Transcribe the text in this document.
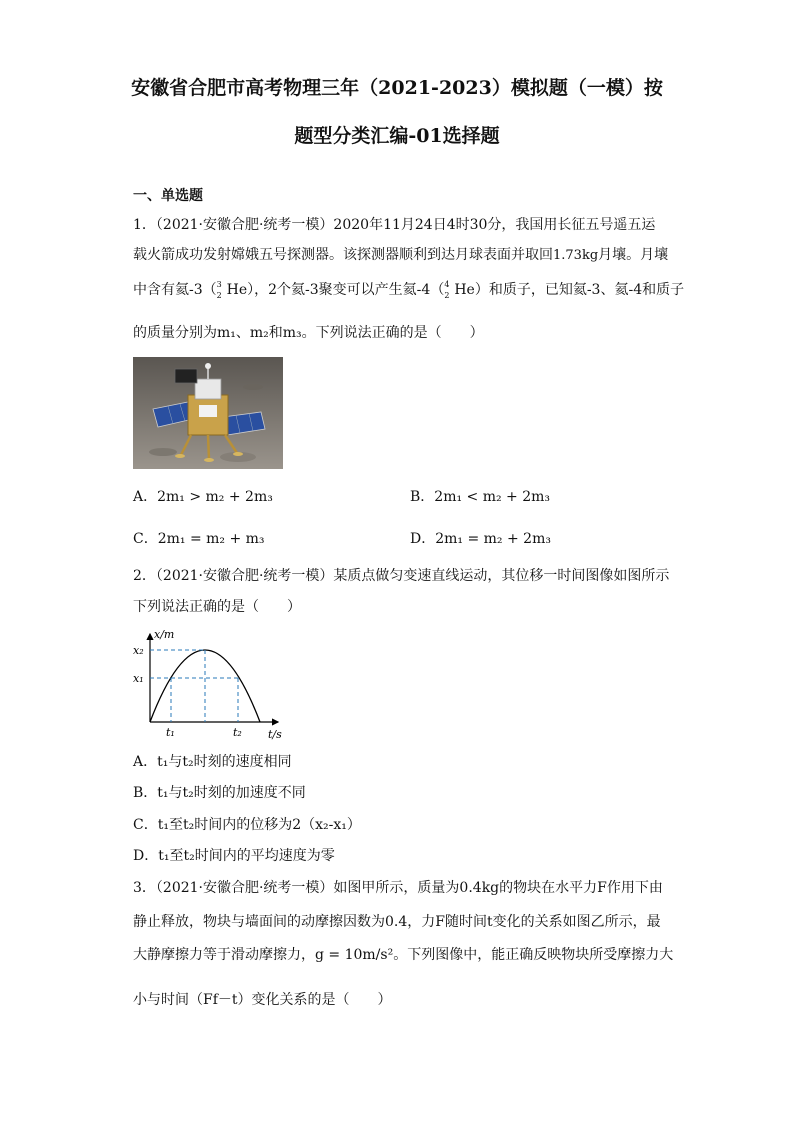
安徽省合肥市高考物理三年（2021-2023）模拟题（一模）按
题型分类汇编-01选择题
一、单选题
1．（2021·安徽合肥·统考一模）2020年11月24日4时30分，我国用长征五号遥五运
载火箭成功发射嫦娥五号探测器。该探测器顺利到达月球表面并取回1.73kg月壤。月壤
中含有氦-3（ 3
2 He），2个氦-3聚变可以产生氦-4（ 4
2 He）和质子，已知氦-3、氦-4和质子
的质量分别为m₁、m₂和m₃。下列说法正确的是（　　）
A．2m₁ > m₂ + 2m₃	B．2m₁ < m₂ + 2m₃
C．2m₁ = m₂ + m₃	D．2m₁ = m₂ + 2m₃
2．（2021·安徽合肥·统考一模）某质点做匀变速直线运动，其位移一时间图像如图所示
下列说法正确的是（　　）
x/m
t/s
x₂
x₁
t₁	t₂
A．t₁与t₂时刻的速度相同
B．t₁与t₂时刻的加速度不同
C．t₁至t₂时间内的位移为2（x₂-x₁）
D．t₁至t₂时间内的平均速度为零
3．（2021·安徽合肥·统考一模）如图甲所示，质量为0.4kg的物块在水平力F作用下由
静止释放，物块与墙面间的动摩擦因数为0.4，力F随时间t变化的关系如图乙所示，最
大静摩擦力等于滑动摩擦力，g = 10m/s²。下列图像中，能正确反映物块所受摩擦力大
小与时间（Ff－t）变化关系的是（　　）
